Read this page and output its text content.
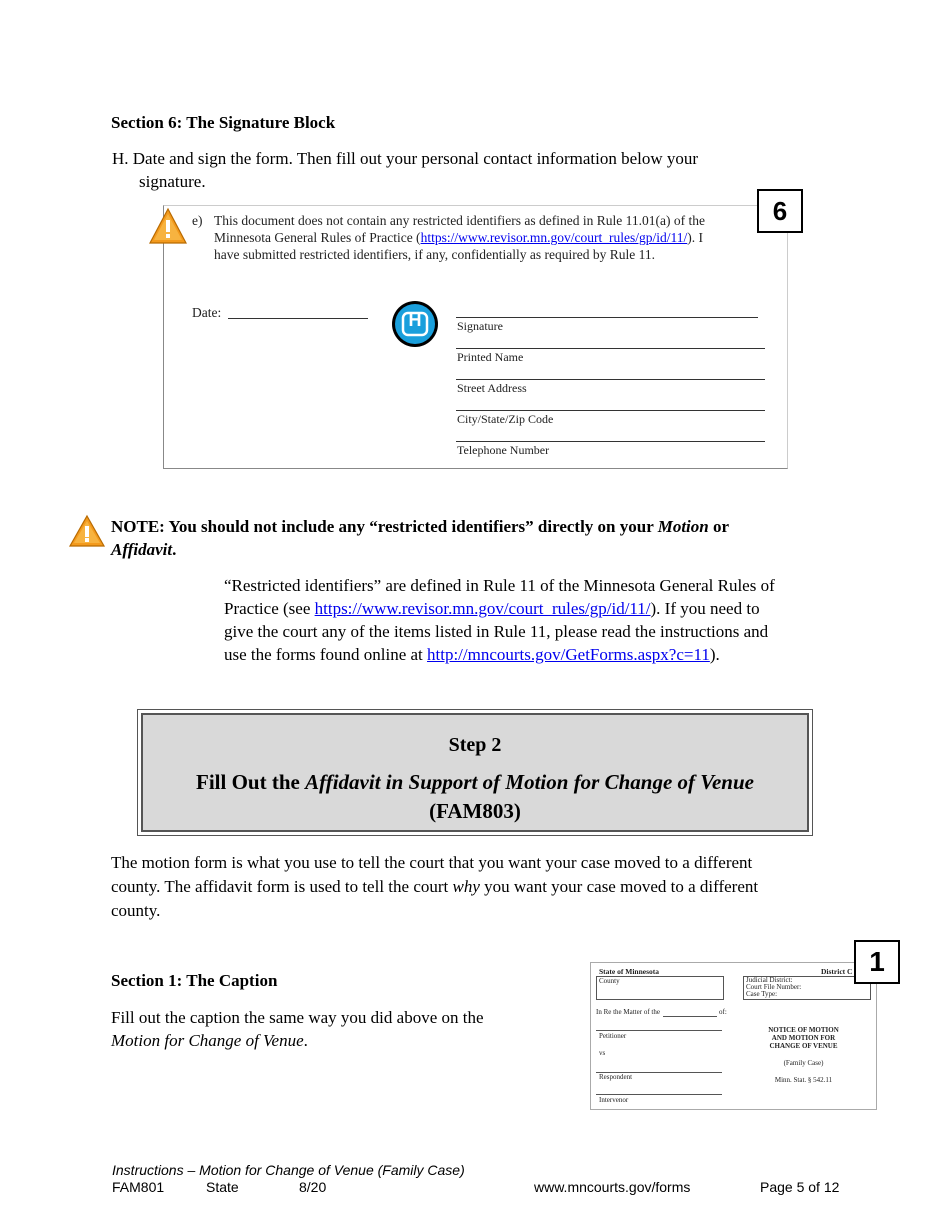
Section 6: The Signature Block
H. Date and sign the form. Then fill out your personal contact information below your
signature.
e) This document does not contain any restricted identifiers as defined in Rule 11.01(a) of the
Minnesota General Rules of Practice (https://www.revisor.mn.gov/court_rules/gp/id/11/). I
have submitted restricted identifiers, if any, confidentially as required by Rule 11.
Date:	H	Signature
Printed Name
Street Address
City/State/Zip Code
Telephone Number
6
NOTE: You should not include any “restricted identifiers” directly on your Motion or
Affidavit.
“Restricted identifiers” are defined in Rule 11 of the Minnesota General Rules of
Practice (see https://www.revisor.mn.gov/court_rules/gp/id/11/). If you need to
give the court any of the items listed in Rule 11, please read the instructions and
use the forms found online at http://mncourts.gov/GetForms.aspx?c=11).
Step 2
Fill Out the Affidavit in Support of Motion for Change of Venue
(FAM803)
The motion form is what you use to tell the court that you want your case moved to a different
county. The affidavit form is used to tell the court why you want your case moved to a different
county.
Section 1: The Caption
Fill out the caption the same way you did above on the
Motion for Change of Venue.
State of Minnesota	District C
County	Judicial District:
Court File Number:
Case Type:
In Re the Matter of the	of:
Petitioner
vs
Respondent
Intervenor
NOTICE OF MOTION
AND MOTION FOR
CHANGE OF VENUE
(Family Case)
Minn. Stat. § 542.11
1
Instructions – Motion for Change of Venue (Family Case)
FAM801	State	8/20	www.mncourts.gov/forms	Page 5 of 12
